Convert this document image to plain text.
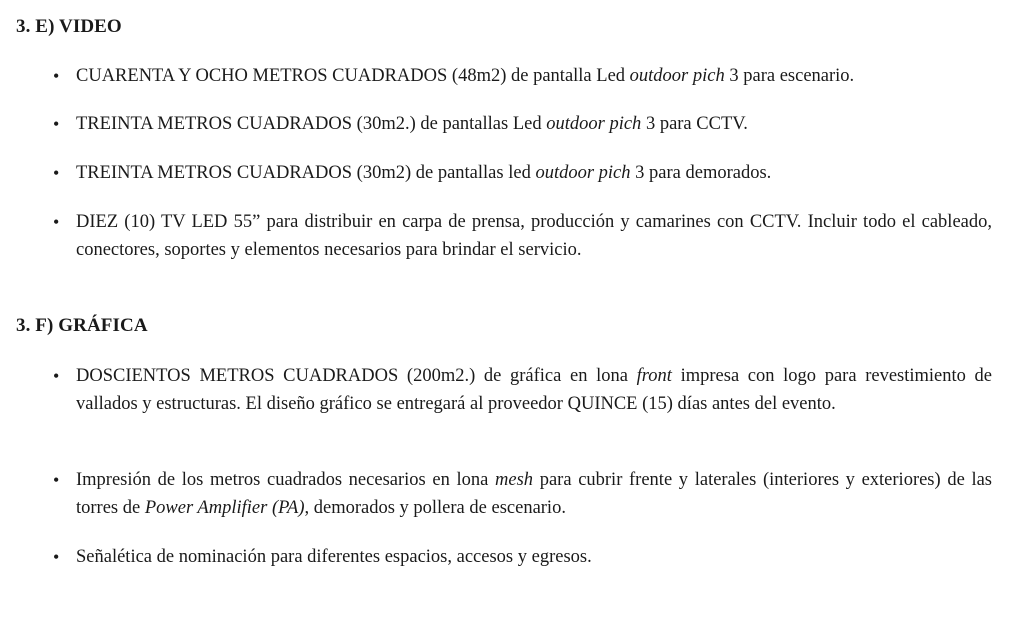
3. E) VIDEO
• CUARENTA Y OCHO METROS CUADRADOS (48m2) de pantalla Led outdoor pich 3 para escenario.
• TREINTA METROS CUADRADOS (30m2.) de pantallas Led outdoor pich 3 para CCTV.
• TREINTA METROS CUADRADOS (30m2) de pantallas led outdoor pich 3 para demorados.
• DIEZ (10) TV LED 55” para distribuir en carpa de prensa, producción y camarines con CCTV. Incluir todo el cableado, conectores, soportes y elementos necesarios para brindar el servicio.
3. F) GRÁFICA
• DOSCIENTOS METROS CUADRADOS (200m2.) de gráfica en lona front impresa con logo para revestimiento de vallados y estructuras. El diseño gráfico se entregará al proveedor QUINCE (15) días antes del evento.
• Impresión de los metros cuadrados necesarios en lona mesh para cubrir frente y laterales (interiores y exteriores) de las torres de Power Amplifier (PA), demorados y pollera de escenario.
• Señalética de nominación para diferentes espacios, accesos y egresos.
